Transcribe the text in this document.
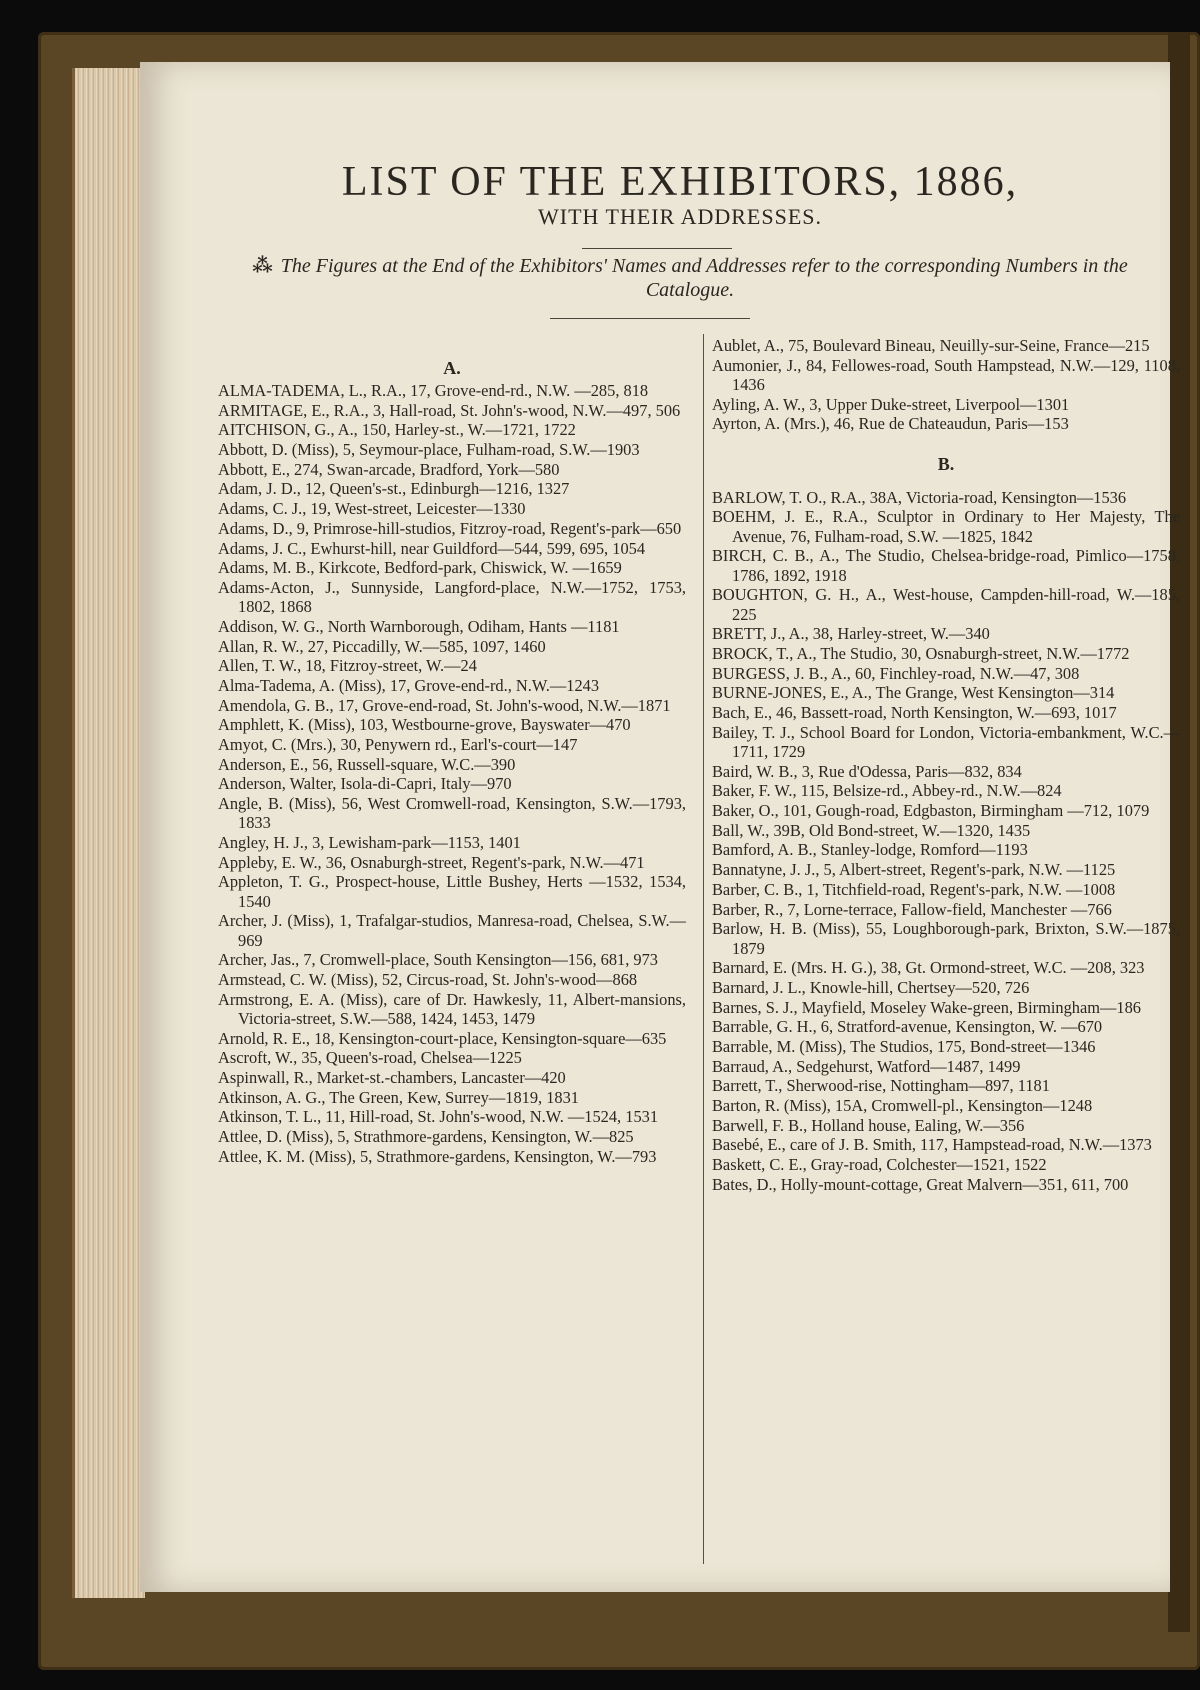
LIST OF THE EXHIBITORS, 1886,
WITH THEIR ADDRESSES.

⁂ The Figures at the End of the Exhibitors' Names and Addresses refer to the corresponding Numbers in the Catalogue.

A.
ALMA-TADEMA, L., R.A., 17, Grove-end-rd., N.W. —285, 818
ARMITAGE, E., R.A., 3, Hall-road, St. John's-wood, N.W.—497, 506
AITCHISON, G., A., 150, Harley-st., W.—1721, 1722
Abbott, D. (Miss), 5, Seymour-place, Fulham-road, S.W.—1903
Abbott, E., 274, Swan-arcade, Bradford, York—580
Adam, J. D., 12, Queen's-st., Edinburgh—1216, 1327
Adams, C. J., 19, West-street, Leicester—1330
Adams, D., 9, Primrose-hill-studios, Fitzroy-road, Regent's-park—650
Adams, J. C., Ewhurst-hill, near Guildford—544, 599, 695, 1054
Adams, M. B., Kirkcote, Bedford-park, Chiswick, W. —1659
Adams-Acton, J., Sunnyside, Langford-place, N.W.—1752, 1753, 1802, 1868
Addison, W. G., North Warnborough, Odiham, Hants —1181
Allan, R. W., 27, Piccadilly, W.—585, 1097, 1460
Allen, T. W., 18, Fitzroy-street, W.—24
Alma-Tadema, A. (Miss), 17, Grove-end-rd., N.W.—1243
Amendola, G. B., 17, Grove-end-road, St. John's-wood, N.W.—1871
Amphlett, K. (Miss), 103, Westbourne-grove, Bayswater—470
Amyot, C. (Mrs.), 30, Penywern rd., Earl's-court—147
Anderson, E., 56, Russell-square, W.C.—390
Anderson, Walter, Isola-di-Capri, Italy—970
Angle, B. (Miss), 56, West Cromwell-road, Kensington, S.W.—1793, 1833
Angley, H. J., 3, Lewisham-park—1153, 1401
Appleby, E. W., 36, Osnaburgh-street, Regent's-park, N.W.—471
Appleton, T. G., Prospect-house, Little Bushey, Herts —1532, 1534, 1540
Archer, J. (Miss), 1, Trafalgar-studios, Manresa-road, Chelsea, S.W.—969
Archer, Jas., 7, Cromwell-place, South Kensington—156, 681, 973
Armstead, C. W. (Miss), 52, Circus-road, St. John's-wood—868
Armstrong, E. A. (Miss), care of Dr. Hawkesly, 11, Albert-mansions, Victoria-street, S.W.—588, 1424, 1453, 1479
Arnold, R. E., 18, Kensington-court-place, Kensington-square—635
Ascroft, W., 35, Queen's-road, Chelsea—1225
Aspinwall, R., Market-st.-chambers, Lancaster—420
Atkinson, A. G., The Green, Kew, Surrey—1819, 1831
Atkinson, T. L., 11, Hill-road, St. John's-wood, N.W. —1524, 1531
Attlee, D. (Miss), 5, Strathmore-gardens, Kensington, W.—825
Attlee, K. M. (Miss), 5, Strathmore-gardens, Kensington, W.—793
Aublet, A., 75, Boulevard Bineau, Neuilly-sur-Seine, France—215
Aumonier, J., 84, Fellowes-road, South Hampstead, N.W.—129, 1108, 1436
Ayling, A. W., 3, Upper Duke-street, Liverpool—1301
Ayrton, A. (Mrs.), 46, Rue de Chateaudun, Paris—153
B.
BARLOW, T. O., R.A., 38A, Victoria-road, Kensington—1536
BOEHM, J. E., R.A., Sculptor in Ordinary to Her Majesty, The Avenue, 76, Fulham-road, S.W. —1825, 1842
BIRCH, C. B., A., The Studio, Chelsea-bridge-road, Pimlico—1758, 1786, 1892, 1918
BOUGHTON, G. H., A., West-house, Campden-hill-road, W.—185, 225
BRETT, J., A., 38, Harley-street, W.—340
BROCK, T., A., The Studio, 30, Osnaburgh-street, N.W.—1772
BURGESS, J. B., A., 60, Finchley-road, N.W.—47, 308
BURNE-JONES, E., A., The Grange, West Kensington—314
Bach, E., 46, Bassett-road, North Kensington, W.—693, 1017
Bailey, T. J., School Board for London, Victoria-embankment, W.C.—1711, 1729
Baird, W. B., 3, Rue d'Odessa, Paris—832, 834
Baker, F. W., 115, Belsize-rd., Abbey-rd., N.W.—824
Baker, O., 101, Gough-road, Edgbaston, Birmingham —712, 1079
Ball, W., 39B, Old Bond-street, W.—1320, 1435
Bamford, A. B., Stanley-lodge, Romford—1193
Bannatyne, J. J., 5, Albert-street, Regent's-park, N.W. —1125
Barber, C. B., 1, Titchfield-road, Regent's-park, N.W. —1008
Barber, R., 7, Lorne-terrace, Fallow-field, Manchester —766
Barlow, H. B. (Miss), 55, Loughborough-park, Brixton, S.W.—1875, 1879
Barnard, E. (Mrs. H. G.), 38, Gt. Ormond-street, W.C. —208, 323
Barnard, J. L., Knowle-hill, Chertsey—520, 726
Barnes, S. J., Mayfield, Moseley Wake-green, Birmingham—186
Barrable, G. H., 6, Stratford-avenue, Kensington, W. —670
Barrable, M. (Miss), The Studios, 175, Bond-street—1346
Barraud, A., Sedgehurst, Watford—1487, 1499
Barrett, T., Sherwood-rise, Nottingham—897, 1181
Barton, R. (Miss), 15A, Cromwell-pl., Kensington—1248
Barwell, F. B., Holland house, Ealing, W.—356
Basebé, E., care of J. B. Smith, 117, Hampstead-road, N.W.—1373
Baskett, C. E., Gray-road, Colchester—1521, 1522
Bates, D., Holly-mount-cottage, Great Malvern—351, 611, 700
